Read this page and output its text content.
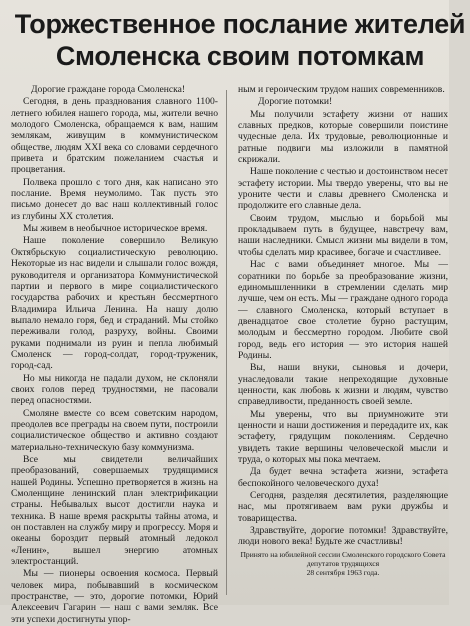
Торжественное послание жителей
Смоленска своим потомкам

Дорогие граждане города Смоленска!

Сегодня, в день празднования славного 1100-летнего юбилея нашего города, мы, жители вечно молодого Смоленска, обращаемся к вам, нашим землякам, живущим в коммунистическом обществе, людям XXI века со словами сердечного привета и братским пожеланием счастья и процветания.

Полвека прошло с того дня, как написано это послание. Время неумолимо. Так пусть это письмо донесет до вас наш коллективный голос из глубины XX столетия.

Мы живем в необычное историческое время.

Наше поколение совершило Великую Октябрьскую социалистическую революцию. Некоторые из нас видели и слышали голос вождя, руководителя и организатора Коммунистической партии и первого в мире социалистического государства рабочих и крестьян бессмертного Владимира Ильича Ленина. На нашу долю выпало немало горя, бед и страданий. Мы стойко переживали голод, разруху, войны. Своими руками поднимали из руин и пепла любимый Смоленск — город-солдат, город-труженик, город-сад.

Но мы никогда не падали духом, не склоняли своих голов перед трудностями, не пасовали перед опасностями.

Смоляне вместе со всем советским народом, преодолев все преграды на своем пути, построили социалистическое общество и активно создают материально-техническую базу коммунизма.

Все мы свидетели величайших преобразований, совершаемых трудящимися нашей Родины. Успешно претворяется в жизнь на Смоленщине ленинский план электрификации страны. Небывалых высот достигли наука и техника. В наше время раскрыты тайны атома, и он поставлен на службу миру и прогрессу. Моря и океаны бороздит первый атомный ледокол «Ленин», вышел энергию атомных электростанций.

Мы — пионеры освоения космоса. Первый человек мира, побывавший в космическом пространстве, — это, дорогие потомки, Юрий Алексеевич Гагарин — наш с вами земляк. Все эти успехи достигнуты упор-

ным и героическим трудом наших современников.

Дорогие потомки!

Мы получили эстафету жизни от наших славных предков, которые совершили поистине чудесные дела. Их трудовые, революционные и ратные подвиги мы изложили в памятной скрижали.

Наше поколение с честью и достоинством несет эстафету истории. Мы твердо уверены, что вы не уроните чести и славы древнего Смоленска и продолжите его славные дела.

Своим трудом, мыслью и борьбой мы прокладываем путь в будущее, навстречу вам, наши наследники. Смысл жизни мы видели в том, чтобы сделать мир красивее, богаче и счастливее.

Нас с вами объединяет многое. Мы — соратники по борьбе за преобразование жизни, единомышленники в стремлении сделать мир лучше, чем он есть. Мы — граждане одного города — славного Смоленска, который вступает в двенадцатое свое столетие бурно растущим, молодым и бессмертно городом. Любите свой город, ведь его история — это история нашей Родины.

Вы, наши внуки, сыновья и дочери, унаследовали такие непреходящие духовные ценности, как любовь к жизни и людям, чувство справедливости, преданность своей земле.

Мы уверены, что вы приумножите эти ценности и наши достижения и передадите их, как эстафету, грядущим поколениям. Сердечно увидеть такие вершины человеческой мысли и труда, о которых мы пока мечтаем.

Да будет вечна эстафета жизни, эстафета беспокойного человеческого духа!

Сегодня, разделяя десятилетия, разделяющие нас, мы протягиваем вам руки дружбы и товарищества.

Здравствуйте, дорогие потомки! Здравствуйте, люди нового века! Будьте же счастливы!

Принято на юбилейной сессии Смоленского городского Совета депутатов трудящихся
28 сентября 1963 года.
